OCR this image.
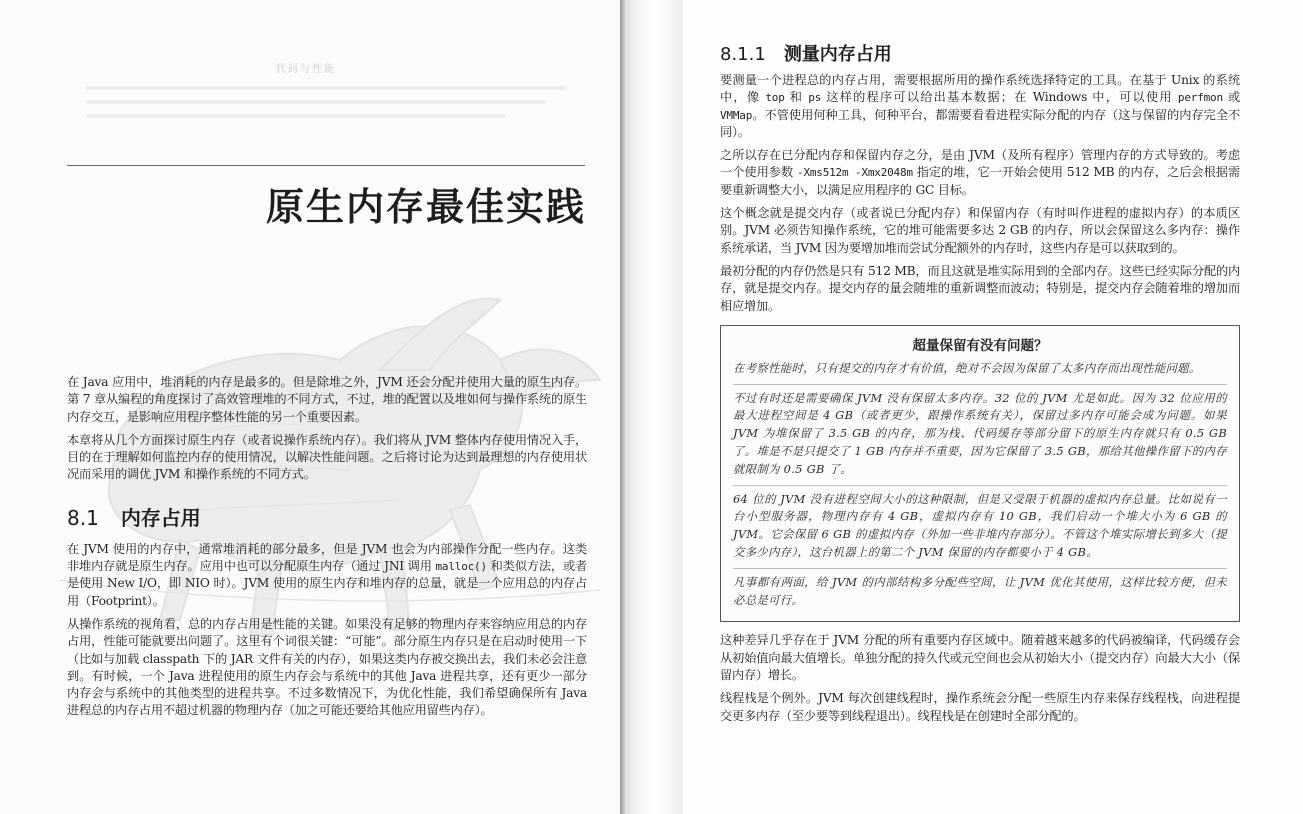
代码与性能
原生内存最佳实践

在 Java 应用中，堆消耗的内存是最多的。但是除堆之外，JVM 还会分配并使用大量的原生内存。第 7 章从编程的角度探讨了高效管理堆的不同方式，不过，堆的配置以及堆如何与操作系统的原生内存交互，是影响应用程序整体性能的另一个重要因素。

本章将从几个方面探讨原生内存（或者说操作系统内存）。我们将从 JVM 整体内存使用情况入手，目的在于理解如何监控内存的使用情况，以解决性能问题。之后将讨论为达到最理想的内存使用状况而采用的调优 JVM 和操作系统的不同方式。

8.1 内存占用

在 JVM 使用的内存中，通常堆消耗的部分最多，但是 JVM 也会为内部操作分配一些内存。这类非堆内存就是原生内存。应用中也可以分配原生内存（通过 JNI 调用 malloc() 和类似方法，或者是使用 New I/O，即 NIO 时）。JVM 使用的原生内存和堆内存的总量，就是一个应用总的内存占用（Footprint）。

从操作系统的视角看，总的内存占用是性能的关键。如果没有足够的物理内存来容纳应用总的内存占用，性能可能就要出问题了。这里有个词很关键：“可能”。部分原生内存只是在启动时使用一下（比如与加载 classpath 下的 JAR 文件有关的内存），如果这类内存被交换出去，我们未必会注意到。有时候，一个 Java 进程使用的原生内存会与系统中的其他 Java 进程共享，还有更少一部分内存会与系统中的其他类型的进程共享。不过多数情况下，为优化性能，我们希望确保所有 Java 进程总的内存占用不超过机器的物理内存（加之可能还要给其他应用留些内存）。

8.1.1 测量内存占用

要测量一个进程总的内存占用，需要根据所用的操作系统选择特定的工具。在基于 Unix 的系统中，像 top 和 ps 这样的程序可以给出基本数据；在 Windows 中，可以使用 perfmon 或 VMMap。不管使用何种工具，何种平台，都需要看看进程实际分配的内存（这与保留的内存完全不同）。

之所以存在已分配内存和保留内存之分，是由 JVM（及所有程序）管理内存的方式导致的。考虑一个使用参数 -Xms512m -Xmx2048m 指定的堆，它一开始会使用 512 MB 的内存，之后会根据需要重新调整大小，以满足应用程序的 GC 目标。

这个概念就是提交内存（或者说已分配内存）和保留内存（有时叫作进程的虚拟内存）的本质区别。JVM 必须告知操作系统，它的堆可能需要多达 2 GB 的内存，所以会保留这么多内存：操作系统承诺，当 JVM 因为要增加堆而尝试分配额外的内存时，这些内存是可以获取到的。

最初分配的内存仍然是只有 512 MB，而且这就是堆实际用到的全部内存。这些已经实际分配的内存，就是提交内存。提交内存的量会随堆的重新调整而波动；特别是，提交内存会随着堆的增加而相应增加。

超量保留有没有问题？

在考察性能时，只有提交的内存才有价值，绝对不会因为保留了太多内存而出现性能问题。

不过有时还是需要确保 JVM 没有保留太多内存。32 位的 JVM 尤是如此。因为 32 位应用的最大进程空间是 4 GB（或者更少，跟操作系统有关），保留过多内存可能会成为问题。如果 JVM 为堆保留了 3.5 GB 的内存，那为栈、代码缓存等部分留下的原生内存就只有 0.5 GB 了。堆是不是只提交了 1 GB 内存并不重要，因为它保留了 3.5 GB，那给其他操作留下的内存就限制为 0.5 GB 了。

64 位的 JVM 没有进程空间大小的这种限制，但是又受限于机器的虚拟内存总量。比如说有一台小型服务器，物理内存有 4 GB，虚拟内存有 10 GB，我们启动一个堆大小为 6 GB 的 JVM。它会保留 6 GB 的虚拟内存（外加一些非堆内存部分）。不管这个堆实际增长到多大（提交多少内存），这台机器上的第二个 JVM 保留的内存都要小于 4 GB。

凡事都有两面，给 JVM 的内部结构多分配些空间，让 JVM 优化其使用，这样比较方便，但未必总是可行。

这种差异几乎存在于 JVM 分配的所有重要内存区域中。随着越来越多的代码被编译，代码缓存会从初始值向最大值增长。单独分配的持久代或元空间也会从初始大小（提交内存）向最大大小（保留内存）增长。

线程栈是个例外。JVM 每次创建线程时，操作系统会分配一些原生内存来保存线程栈，向进程提交更多内存（至少要等到线程退出）。线程栈是在创建时全部分配的。
